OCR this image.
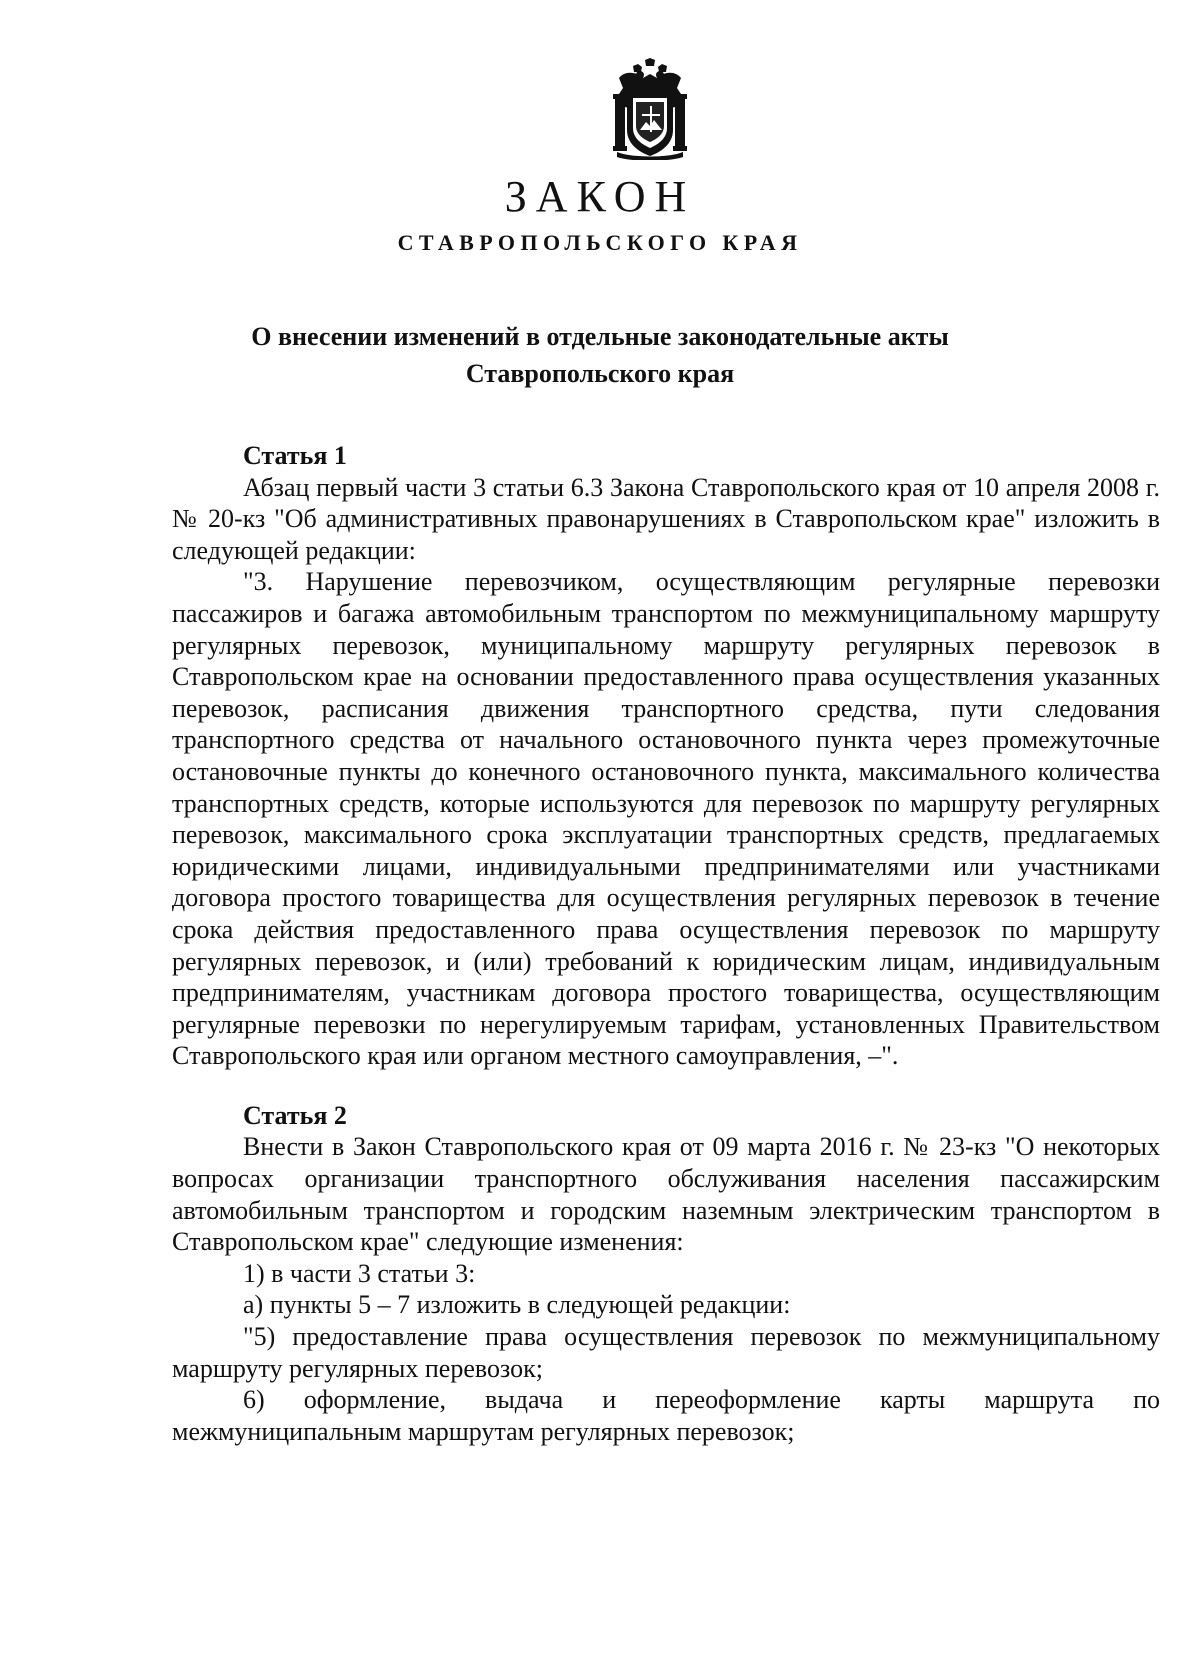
ЗАКОН
СТАВРОПОЛЬСКОГО КРАЯ
О внесении изменений в отдельные законодательные акты
Ставропольского края

Статья 1

Абзац первый части 3 статьи 6.3 Закона Ставропольского края от 10 апреля 2008 г. № 20-кз "Об административных правонарушениях в Ставропольском крае" изложить в следующей редакции:

"3. Нарушение перевозчиком, осуществляющим регулярные перевозки пассажиров и багажа автомобильным транспортом по межмуниципальному маршруту регулярных перевозок, муниципальному маршруту регулярных перевозок в Ставропольском крае на основании предоставленного права осуществления указанных перевозок, расписания движения транспортного средства, пути следования транспортного средства от начального остановочного пункта через промежуточные остановочные пункты до конечного остановочного пункта, максимального количества транспортных средств, которые используются для перевозок по маршруту регулярных перевозок, максимального срока эксплуатации транспортных средств, предлагаемых юридическими лицами, индивидуальными предпринимателями или участниками договора простого товарищества для осуществления регулярных перевозок в течение срока действия предоставленного права осуществления перевозок по маршруту регулярных перевозок, и (или) требований к юридическим лицам, индивидуальным предпринимателям, участникам договора простого товарищества, осуществляющим регулярные перевозки по нерегулируемым тарифам, установленных Правительством Ставропольского края или органом местного самоуправления, –".

Статья 2

Внести в Закон Ставропольского края от 09 марта 2016 г. № 23-кз "О некоторых вопросах организации транспортного обслуживания населения пассажирским автомобильным транспортом и городским наземным электрическим транспортом в Ставропольском крае" следующие изменения:

1) в части 3 статьи 3:

а) пункты 5 – 7 изложить в следующей редакции:

"5) предоставление права осуществления перевозок по межмуниципальному маршруту регулярных перевозок;

6) оформление, выдача и переоформление карты маршрута по межмуниципальным маршрутам регулярных перевозок;
